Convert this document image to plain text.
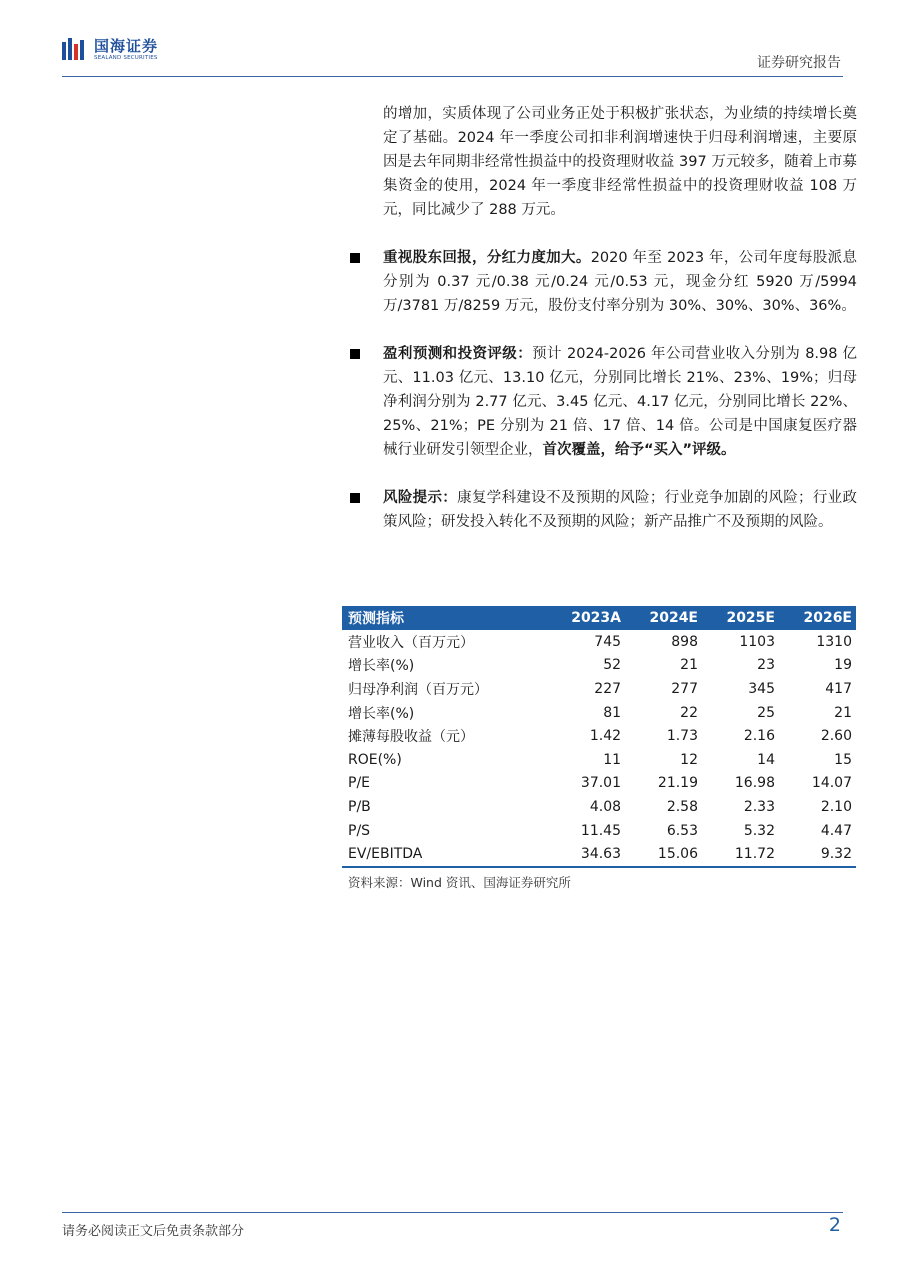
国海证券
SEALAND SECURITIES	证券研究报告

的增加，实质体现了公司业务正处于积极扩张状态，为业绩的持续增长奠定了基础。2024 年一季度公司扣非利润增速快于归母利润增速，主要原因是去年同期非经常性损益中的投资理财收益 397 万元较多，随着上市募集资金的使用，2024 年一季度非经常性损益中的投资理财收益 108 万元，同比减少了 288 万元。

重视股东回报，分红力度加大。2020 年至 2023 年，公司年度每股派息分别为 0.37 元/0.38 元/0.24 元/0.53 元，现金分红 5920 万/5994 万/3781 万/8259 万元，股份支付率分别为 30%、30%、30%、36%。

盈利预测和投资评级：预计 2024-2026 年公司营业收入分别为 8.98 亿元、11.03 亿元、13.10 亿元，分别同比增长 21%、23%、19%；归母净利润分别为 2.77 亿元、3.45 亿元、4.17 亿元，分别同比增长 22%、25%、21%；PE 分别为 21 倍、17 倍、14 倍。公司是中国康复医疗器械行业研发引领型企业，首次覆盖，给予“买入”评级。

风险提示：康复学科建设不及预期的风险；行业竞争加剧的风险；行业政策风险；研发投入转化不及预期的风险；新产品推广不及预期的风险。

预测指标	2023A	2024E	2025E	2026E
营业收入（百万元）	745	898	1103	1310
增长率(%)	52	21	23	19
归母净利润（百万元）	227	277	345	417
增长率(%)	81	22	25	21
摊薄每股收益（元）	1.42	1.73	2.16	2.60
ROE(%)	11	12	14	15
P/E	37.01	21.19	16.98	14.07
P/B	4.08	2.58	2.33	2.10
P/S	11.45	6.53	5.32	4.47
EV/EBITDA	34.63	15.06	11.72	9.32
资料来源：Wind 资讯、国海证券研究所
请务必阅读正文后免责条款部分	2
